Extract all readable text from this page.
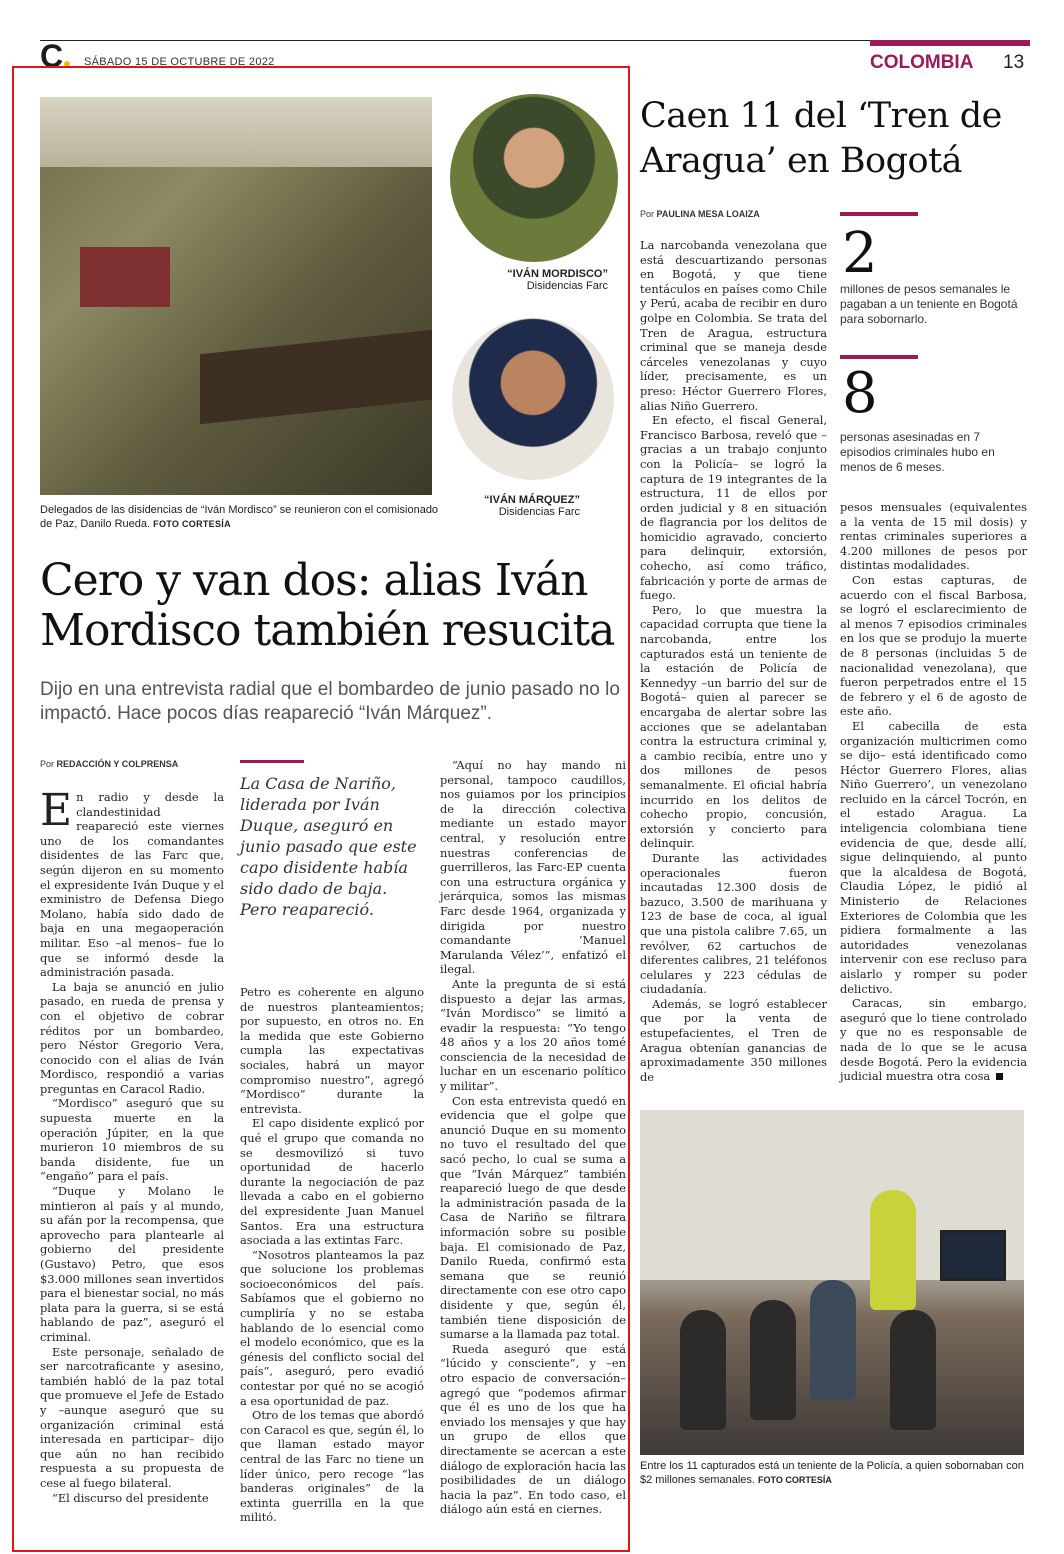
C	SÁBADO 15 DE OCTUBRE DE 2022	COLOMBIA 13
“IVÁN MORDISCO”
Disidencias Farc
“IVÁN MÁRQUEZ”
Disidencias Farc
Delegados de las disidencias de “Iván Mordisco” se reunieron con el comisionado de Paz, Danilo Rueda. FOTO CORTESÍA
Cero y van dos: alias Iván Mordisco también resucita
Dijo en una entrevista radial que el bombardeo de junio pasado no lo impactó. Hace pocos días reapareció “Iván Márquez”.
Por REDACCIÓN Y COLPRENSA

En radio y desde la clandestinidad reapareció este viernes uno de los comandantes disidentes de las Farc que, según dijeron en su momento el expresidente Iván Duque y el exministro de Defensa Diego Molano, había sido dado de baja en una megaoperación militar. Eso –al menos– fue lo que se informó desde la administración pasada.

La baja se anunció en julio pasado, en rueda de prensa y con el objetivo de cobrar réditos por un bombardeo, pero Néstor Gregorio Vera, conocido con el alias de Iván Mordisco, respondió a varias preguntas en Caracol Radio.

“Mordisco” aseguró que su supuesta muerte en la operación Júpiter, en la que murieron 10 miembros de su banda disidente, fue un “engaño” para el país.

“Duque y Molano le mintieron al país y al mundo, su afán por la recompensa, que aprovecho para plantearle al gobierno del presidente (Gustavo) Petro, que esos $3.000 millones sean invertidos para el bienestar social, no más plata para la guerra, si se está hablando de paz”, aseguró el criminal.

Este personaje, señalado de ser narcotraficante y asesino, también habló de la paz total que promueve el Jefe de Estado y –aunque aseguró que su organización criminal está interesada en participar– dijo que aún no han recibido respuesta a su propuesta de cese al fuego bilateral.

“El discurso del presidente

La Casa de Nariño, liderada por Iván Duque, aseguró en junio pasado que este capo disidente había sido dado de baja. Pero reapareció.

Petro es coherente en alguno de nuestros planteamientos; por supuesto, en otros no. En la medida que este Gobierno cumpla las expectativas sociales, habrá un mayor compromiso nuestro”, agregó “Mordisco” durante la entrevista.

El capo disidente explicó por qué el grupo que comanda no se desmovilizó si tuvo oportunidad de hacerlo durante la negociación de paz llevada a cabo en el gobierno del expresidente Juan Manuel Santos. Era una estructura asociada a las extintas Farc.

“Nosotros planteamos la paz que solucione los problemas socioeconómicos del país. Sabíamos que el gobierno no cumpliría y no se estaba hablando de lo esencial como el modelo económico, que es la génesis del conflicto social del país”, aseguró, pero evadió contestar por qué no se acogió a esa oportunidad de paz.

Otro de los temas que abordó con Caracol es que, según él, lo que llaman estado mayor central de las Farc no tiene un líder único, pero recoge “las banderas originales” de la extinta guerrilla en la que militó.

“Aquí no hay mando ni personal, tampoco caudillos, nos guiamos por los principios de la dirección colectiva mediante un estado mayor central, y resolución entre nuestras conferencias de guerrilleros, las Farc-EP cuenta con una estructura orgánica y jerárquica, somos las mismas Farc desde 1964, organizada y dirigida por nuestro comandante ‘Manuel Marulanda Vélez’”, enfatizó el ilegal.

Ante la pregunta de si está dispuesto a dejar las armas, “Iván Mordisco” se limitó a evadir la respuesta: “Yo tengo 48 años y a los 20 años tomé consciencia de la necesidad de luchar en un escenario político y militar”.

Con esta entrevista quedó en evidencia que el golpe que anunció Duque en su momento no tuvo el resultado del que sacó pecho, lo cual se suma a que “Iván Márquez” también reapareció luego de que desde la administración pasada de la Casa de Nariño se filtrara información sobre su posible baja. El comisionado de Paz, Danilo Rueda, confirmó esta semana que se reunió directamente con ese otro capo disidente y que, según él, también tiene disposición de sumarse a la llamada paz total.

Rueda aseguró que está “lúcido y consciente”, y –en otro espacio de conversación– agregó que “podemos afirmar que él es uno de los que ha enviado los mensajes y que hay un grupo de ellos que directamente se acercan a este diálogo de exploración hacia las posibilidades de un diálogo hacia la paz”. En todo caso, el diálogo aún está en ciernes.

Caen 11 del ‘Tren de Aragua’ en Bogotá
Por PAULINA MESA LOAIZA
2
millones de pesos semanales le pagaban a un teniente en Bogotá para sobornarlo.
8
personas asesinadas en 7 episodios criminales hubo en menos de 6 meses.

La narcobanda venezolana que está descuartizando personas en Bogotá, y que tiene tentáculos en países como Chile y Perú, acaba de recibir en duro golpe en Colombia. Se trata del Tren de Aragua, estructura criminal que se maneja desde cárceles venezolanas y cuyo líder, precisamente, es un preso: Héctor Guerrero Flores, alias Niño Guerrero.

En efecto, el fiscal General, Francisco Barbosa, reveló que –gracias a un trabajo conjunto con la Policía– se logró la captura de 19 integrantes de la estructura, 11 de ellos por orden judicial y 8 en situación de flagrancia por los delitos de homicidio agravado, concierto para delinquir, extorsión, cohecho, así como tráfico, fabricación y porte de armas de fuego.

Pero, lo que muestra la capacidad corrupta que tiene la narcobanda, entre los capturados está un teniente de la estación de Policía de Kennedyy –un barrio del sur de Bogotá– quien al parecer se encargaba de alertar sobre las acciones que se adelantaban contra la estructura criminal y, a cambio recibía, entre uno y dos millones de pesos semanalmente. El oficial habría incurrido en los delitos de cohecho propio, concusión, extorsión y concierto para delinquir.

Durante las actividades operacionales fueron incautadas 12.300 dosis de bazuco, 3.500 de marihuana y 123 de base de coca, al igual que una pistola calibre 7.65, un revólver, 62 cartuchos de diferentes calibres, 21 teléfonos celulares y 223 cédulas de ciudadanía.

Además, se logró establecer que por la venta de estupefacientes, el Tren de Aragua obtenían ganancias de aproximadamente 350 millones de

pesos mensuales (equivalentes a la venta de 15 mil dosis) y rentas criminales superiores a 4.200 millones de pesos por distintas modalidades.

Con estas capturas, de acuerdo con el fiscal Barbosa, se logró el esclarecimiento de al menos 7 episodios criminales en los que se produjo la muerte de 8 personas (incluidas 5 de nacionalidad venezolana), que fueron perpetrados entre el 15 de febrero y el 6 de agosto de este año.

El cabecilla de esta organización multicrimen como se dijo– está identificado como Héctor Guerrero Flores, alias Niño Guerrero’, un venezolano recluido en la cárcel Tocrón, en el estado Aragua. La inteligencia colombiana tiene evidencia de que, desde allí, sigue delinquiendo, al punto que la alcaldesa de Bogotá, Claudia López, le pidió al Ministerio de Relaciones Exteriores de Colombia que les pidiera formalmente a las autoridades venezolanas intervenir con ese recluso para aislarlo y romper su poder delictivo.

Caracas, sin embargo, aseguró que lo tiene controlado y que no es responsable de nada de lo que se le acusa desde Bogotá. Pero la evidencia judicial muestra otra cosa

Entre los 11 capturados está un teniente de la Policía, a quien sobornaban con $2 millones semanales. FOTO CORTESÍA
